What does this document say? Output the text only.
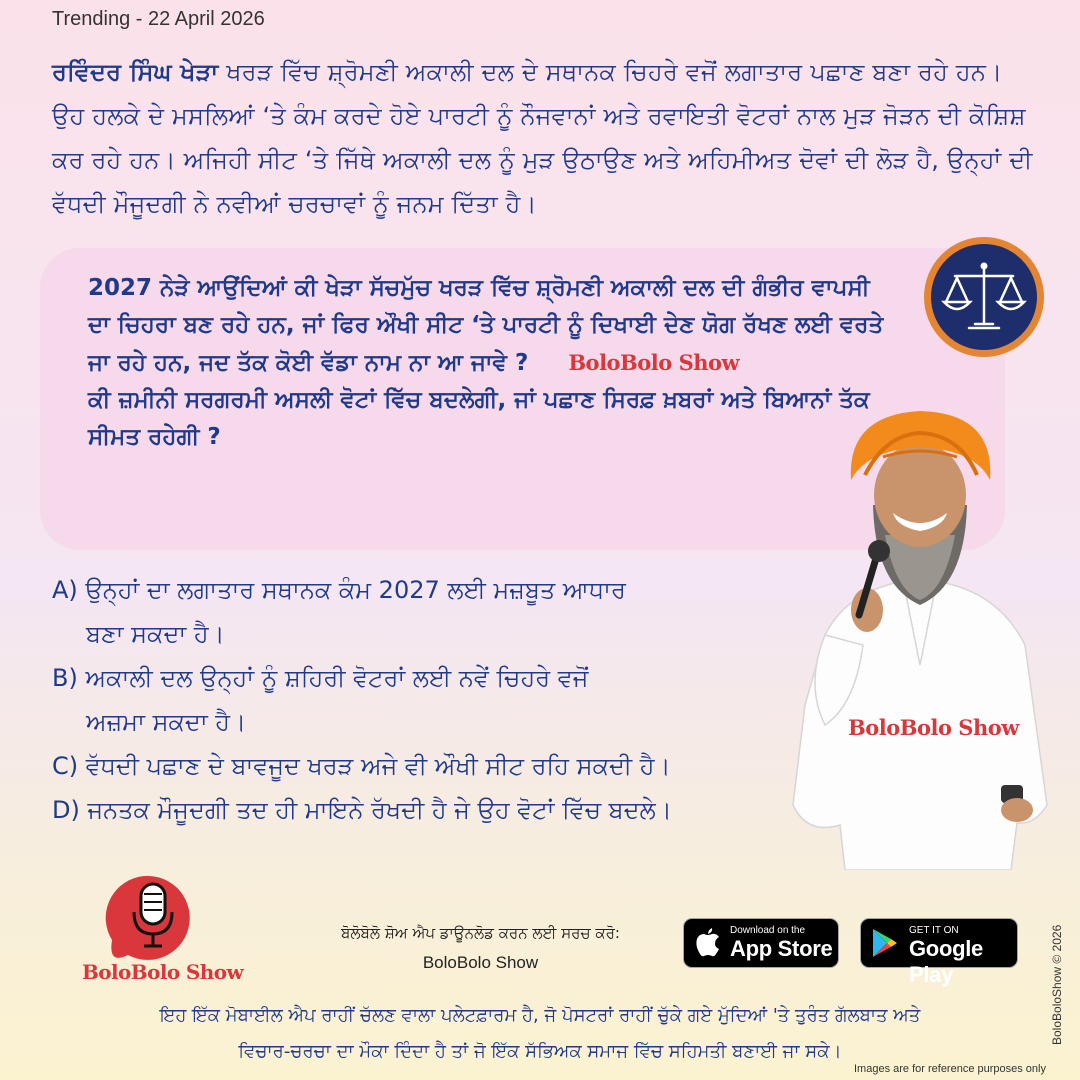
Trending - 22 April 2026
ਰਵਿੰਦਰ ਸਿੰਘ ਖੇੜਾ ਖਰੜ ਵਿੱਚ ਸ਼੍ਰੋਮਣੀ ਅਕਾਲੀ ਦਲ ਦੇ ਸਥਾਨਕ ਚਿਹਰੇ ਵਜੋਂ ਲਗਾਤਾਰ ਪਛਾਣ ਬਣਾ ਰਹੇ ਹਨ। ਉਹ ਹਲਕੇ ਦੇ ਮਸਲਿਆਂ ‘ਤੇ ਕੰਮ ਕਰਦੇ ਹੋਏ ਪਾਰਟੀ ਨੂੰ ਨੌਜਵਾਨਾਂ ਅਤੇ ਰਵਾਇਤੀ ਵੋਟਰਾਂ ਨਾਲ ਮੁੜ ਜੋੜਨ ਦੀ ਕੋਸ਼ਿਸ਼ ਕਰ ਰਹੇ ਹਨ। ਅਜਿਹੀ ਸੀਟ ‘ਤੇ ਜਿੱਥੇ ਅਕਾਲੀ ਦਲ ਨੂੰ ਮੁੜ ਉਠਾਉਣ ਅਤੇ ਅਹਿਮੀਅਤ ਦੋਵਾਂ ਦੀ ਲੋੜ ਹੈ, ਉਨ੍ਹਾਂ ਦੀ ਵੱਧਦੀ ਮੌਜੂਦਗੀ ਨੇ ਨਵੀਆਂ ਚਰਚਾਵਾਂ ਨੂੰ ਜਨਮ ਦਿੱਤਾ ਹੈ।
2027 ਨੇੜੇ ਆਉਂਦਿਆਂ ਕੀ ਖੇੜਾ ਸੱਚਮੁੱਚ ਖਰੜ ਵਿੱਚ ਸ਼੍ਰੋਮਣੀ ਅਕਾਲੀ ਦਲ ਦੀ ਗੰਭੀਰ ਵਾਪਸੀ ਦਾ ਚਿਹਰਾ ਬਣ ਰਹੇ ਹਨ, ਜਾਂ ਫਿਰ ਔਖੀ ਸੀਟ ‘ਤੇ ਪਾਰਟੀ ਨੂੰ ਦਿਖਾਈ ਦੇਣ ਯੋਗ ਰੱਖਣ ਲਈ ਵਰਤੇ ਜਾ ਰਹੇ ਹਨ, ਜਦ ਤੱਕ ਕੋਈ ਵੱਡਾ ਨਾਮ ਨਾ ਆ ਜਾਵੇ ? BoloBolo Show
ਕੀ ਜ਼ਮੀਨੀ ਸਰਗਰਮੀ ਅਸਲੀ ਵੋਟਾਂ ਵਿੱਚ ਬਦਲੇਗੀ, ਜਾਂ ਪਛਾਣ ਸਿਰਫ਼ ਖ਼ਬਰਾਂ ਅਤੇ ਬਿਆਨਾਂ ਤੱਕ ਸੀਮਤ ਰਹੇਗੀ ?
A) ਉਨ੍ਹਾਂ ਦਾ ਲਗਾਤਾਰ ਸਥਾਨਕ ਕੰਮ 2027 ਲਈ ਮਜ਼ਬੂਤ ਆਧਾਰ
ਬਣਾ ਸਕਦਾ ਹੈ।
B) ਅਕਾਲੀ ਦਲ ਉਨ੍ਹਾਂ ਨੂੰ ਸ਼ਹਿਰੀ ਵੋਟਰਾਂ ਲਈ ਨਵੇਂ ਚਿਹਰੇ ਵਜੋਂ
ਅਜ਼ਮਾ ਸਕਦਾ ਹੈ।
C) ਵੱਧਦੀ ਪਛਾਣ ਦੇ ਬਾਵਜੂਦ ਖਰੜ ਅਜੇ ਵੀ ਔਖੀ ਸੀਟ ਰਹਿ ਸਕਦੀ ਹੈ।
D) ਜਨਤਕ ਮੌਜੂਦਗੀ ਤਦ ਹੀ ਮਾਇਨੇ ਰੱਖਦੀ ਹੈ ਜੇ ਉਹ ਵੋਟਾਂ ਵਿੱਚ ਬਦਲੇ।
BoloBolo Show
BoloBolo Show
ਬੋਲੋਬੋਲੋ ਸ਼ੋਅ ਐਪ ਡਾਊਨਲੋਡ ਕਰਨ ਲਈ ਸਰਚ ਕਰੋ:
BoloBolo Show
Download on the
App Store
GET IT ON
Google Play
ਇਹ ਇੱਕ ਮੋਬਾਈਲ ਐਪ ਰਾਹੀਂ ਚੱਲਣ ਵਾਲਾ ਪਲੇਟਫ਼ਾਰਮ ਹੈ, ਜੋ ਪੋਸਟਰਾਂ ਰਾਹੀਂ ਚੁੱਕੇ ਗਏ ਮੁੱਦਿਆਂ 'ਤੇ ਤੁਰੰਤ ਗੱਲਬਾਤ ਅਤੇ
ਵਿਚਾਰ-ਚਰਚਾ ਦਾ ਮੌਕਾ ਦਿੰਦਾ ਹੈ ਤਾਂ ਜੋ ਇੱਕ ਸੱਭਿਅਕ ਸਮਾਜ ਵਿੱਚ ਸਹਿਮਤੀ ਬਣਾਈ ਜਾ ਸਕੇ।
BoloBoloShow © 2026
Images are for reference purposes only
